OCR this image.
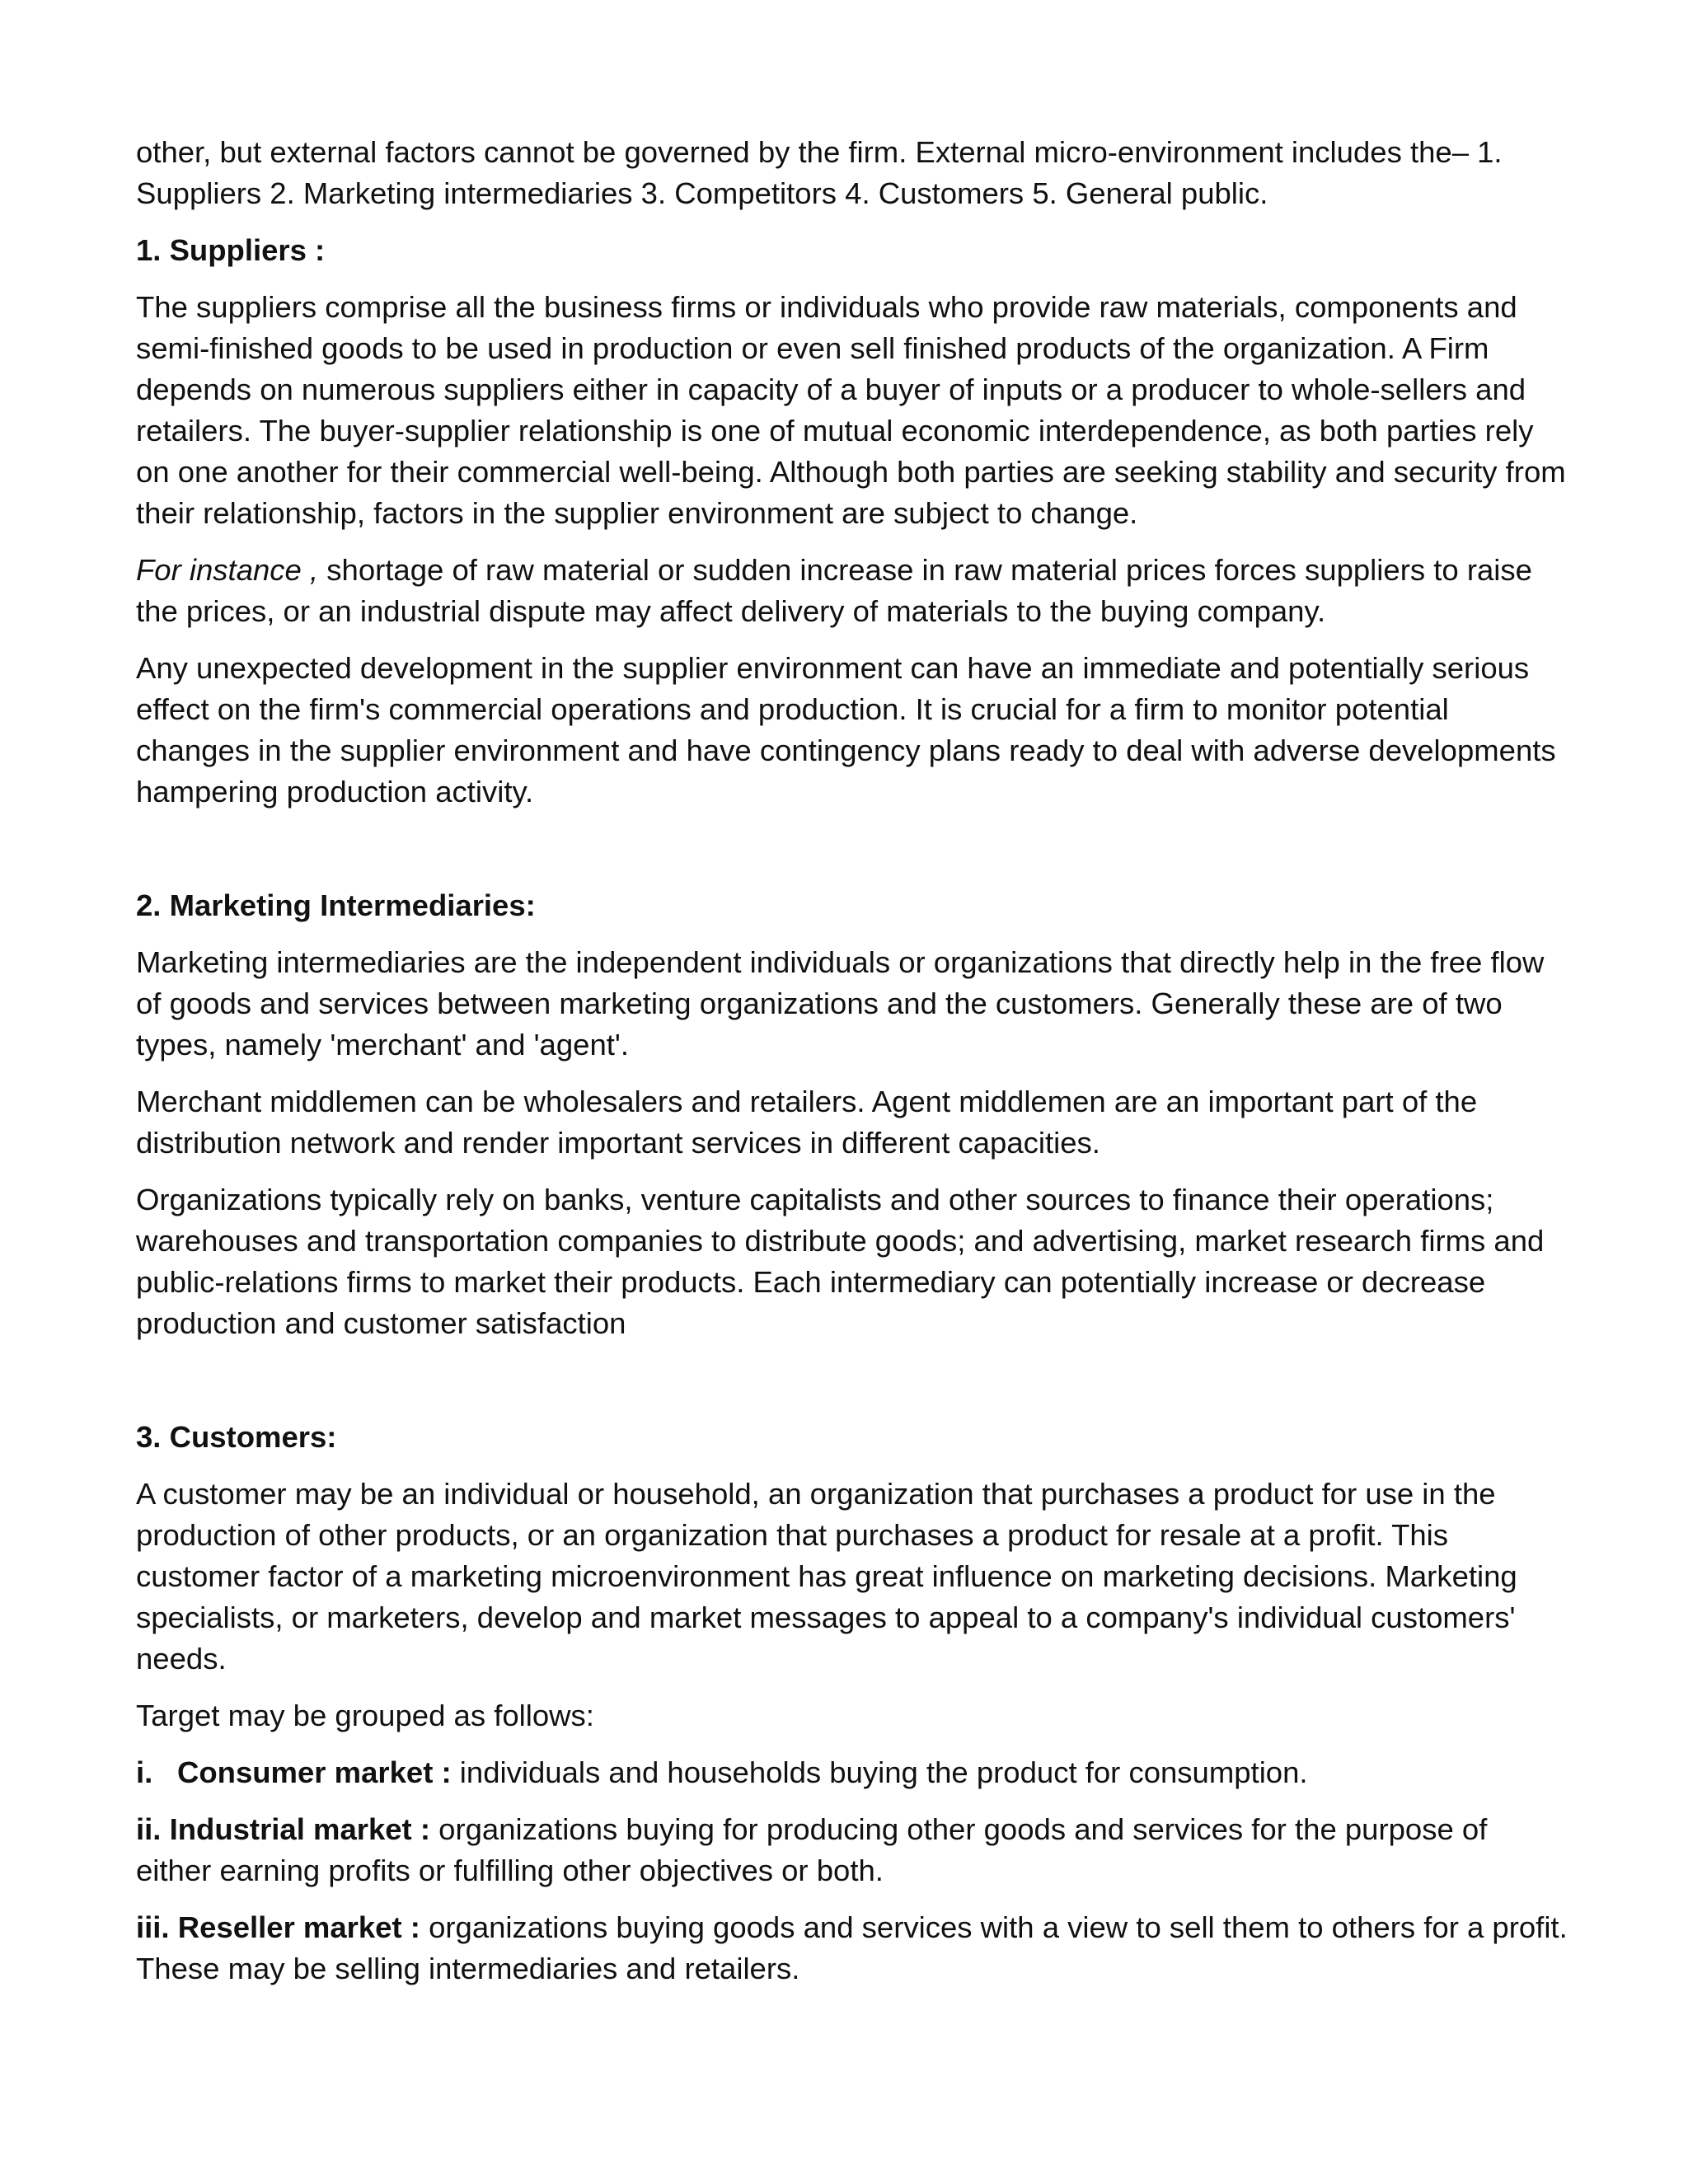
other, but external factors cannot be governed by the firm. External micro-environment includes the– 1. Suppliers 2. Marketing intermediaries 3. Competitors 4. Customers 5. General public.

1. Suppliers :

The suppliers comprise all the business firms or individuals who provide raw materials, components and semi-finished goods to be used in production or even sell finished products of the organization. A Firm depends on numerous suppliers either in capacity of a buyer of inputs or a producer to whole-sellers and retailers. The buyer-supplier relationship is one of mutual economic interdependence, as both parties rely on one another for their commercial well-being. Although both parties are seeking stability and security from their relationship, factors in the supplier environment are subject to change.

For instance , shortage of raw material or sudden increase in raw material prices forces suppliers to raise the prices, or an industrial dispute may affect delivery of materials to the buying company.

Any unexpected development in the supplier environment can have an immediate and potentially serious effect on the firm's commercial operations and production. It is crucial for a firm to monitor potential changes in the supplier environment and have contingency plans ready to deal with adverse developments hampering production activity.

2. Marketing Intermediaries:

Marketing intermediaries are the independent individuals or organizations that directly help in the free flow of goods and services between marketing organizations and the customers. Generally these are of two types, namely 'merchant' and 'agent'.

Merchant middlemen can be wholesalers and retailers. Agent middlemen are an important part of the distribution network and render important services in different capacities.

Organizations typically rely on banks, venture capitalists and other sources to finance their operations; warehouses and transportation companies to distribute goods; and advertising, market research firms and public-relations firms to market their products. Each intermediary can potentially increase or decrease production and customer satisfaction

3. Customers:

A customer may be an individual or household, an organization that purchases a product for use in the production of other products, or an organization that purchases a product for resale at a profit. This customer factor of a marketing microenvironment has great influence on marketing decisions. Marketing specialists, or marketers, develop and market messages to appeal to a company's individual customers' needs.

Target may be grouped as follows:

i. Consumer market : individuals and households buying the product for consumption.

ii. Industrial market : organizations buying for producing other goods and services for the purpose of either earning profits or fulfilling other objectives or both.

iii. Reseller market : organizations buying goods and services with a view to sell them to others for a profit. These may be selling intermediaries and retailers.
